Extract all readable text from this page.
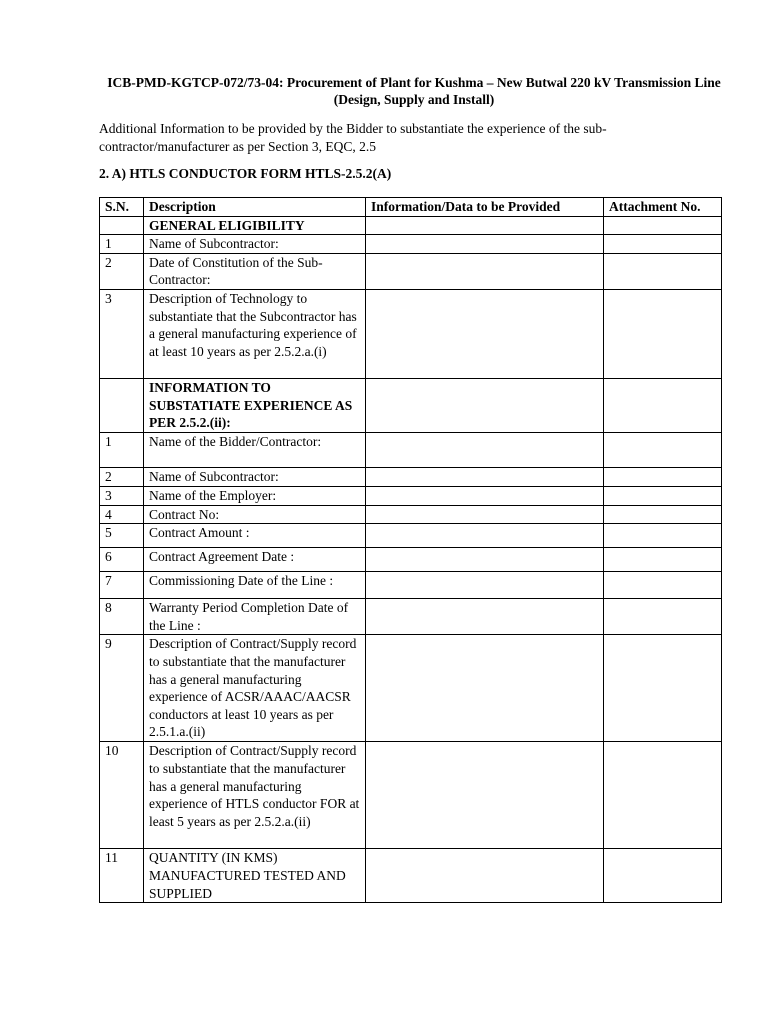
ICB-PMD-KGTCP-072/73-04: Procurement of Plant for Kushma – New Butwal 220 kV Transmission Line (Design, Supply and Install)

Additional Information to be provided by the Bidder to substantiate the experience of the sub-contractor/manufacturer as per Section 3, EQC, 2.5

2. A) HTLS CONDUCTOR FORM HTLS-2.5.2(A)

S.N.	Description	Information/Data to be Provided	Attachment No.
	GENERAL ELIGIBILITY		
1	Name of Subcontractor:		
2	Date of Constitution of the Sub-Contractor:		
3	Description of Technology to substantiate that the Subcontractor has a general manufacturing experience of at least 10 years as per 2.5.2.a.(i)		
	INFORMATION TO SUBSTATIATE EXPERIENCE AS PER 2.5.2.(ii):		
1	Name of the Bidder/Contractor:		
2	Name of Subcontractor:		
3	Name of the Employer:		
4	Contract No:		
5	Contract Amount :		
6	Contract Agreement Date :		
7	Commissioning Date of the Line :		
8	Warranty Period Completion Date of the Line :		
9	Description of Contract/Supply record to substantiate that the manufacturer has a general manufacturing experience of ACSR/AAAC/AACSR conductors at least 10 years as per 2.5.1.a.(ii)		
10	Description of Contract/Supply record to substantiate that the manufacturer has a general manufacturing experience of HTLS conductor FOR at least 5 years as per 2.5.2.a.(ii)		
11	QUANTITY (IN KMS) MANUFACTURED TESTED AND SUPPLIED		
